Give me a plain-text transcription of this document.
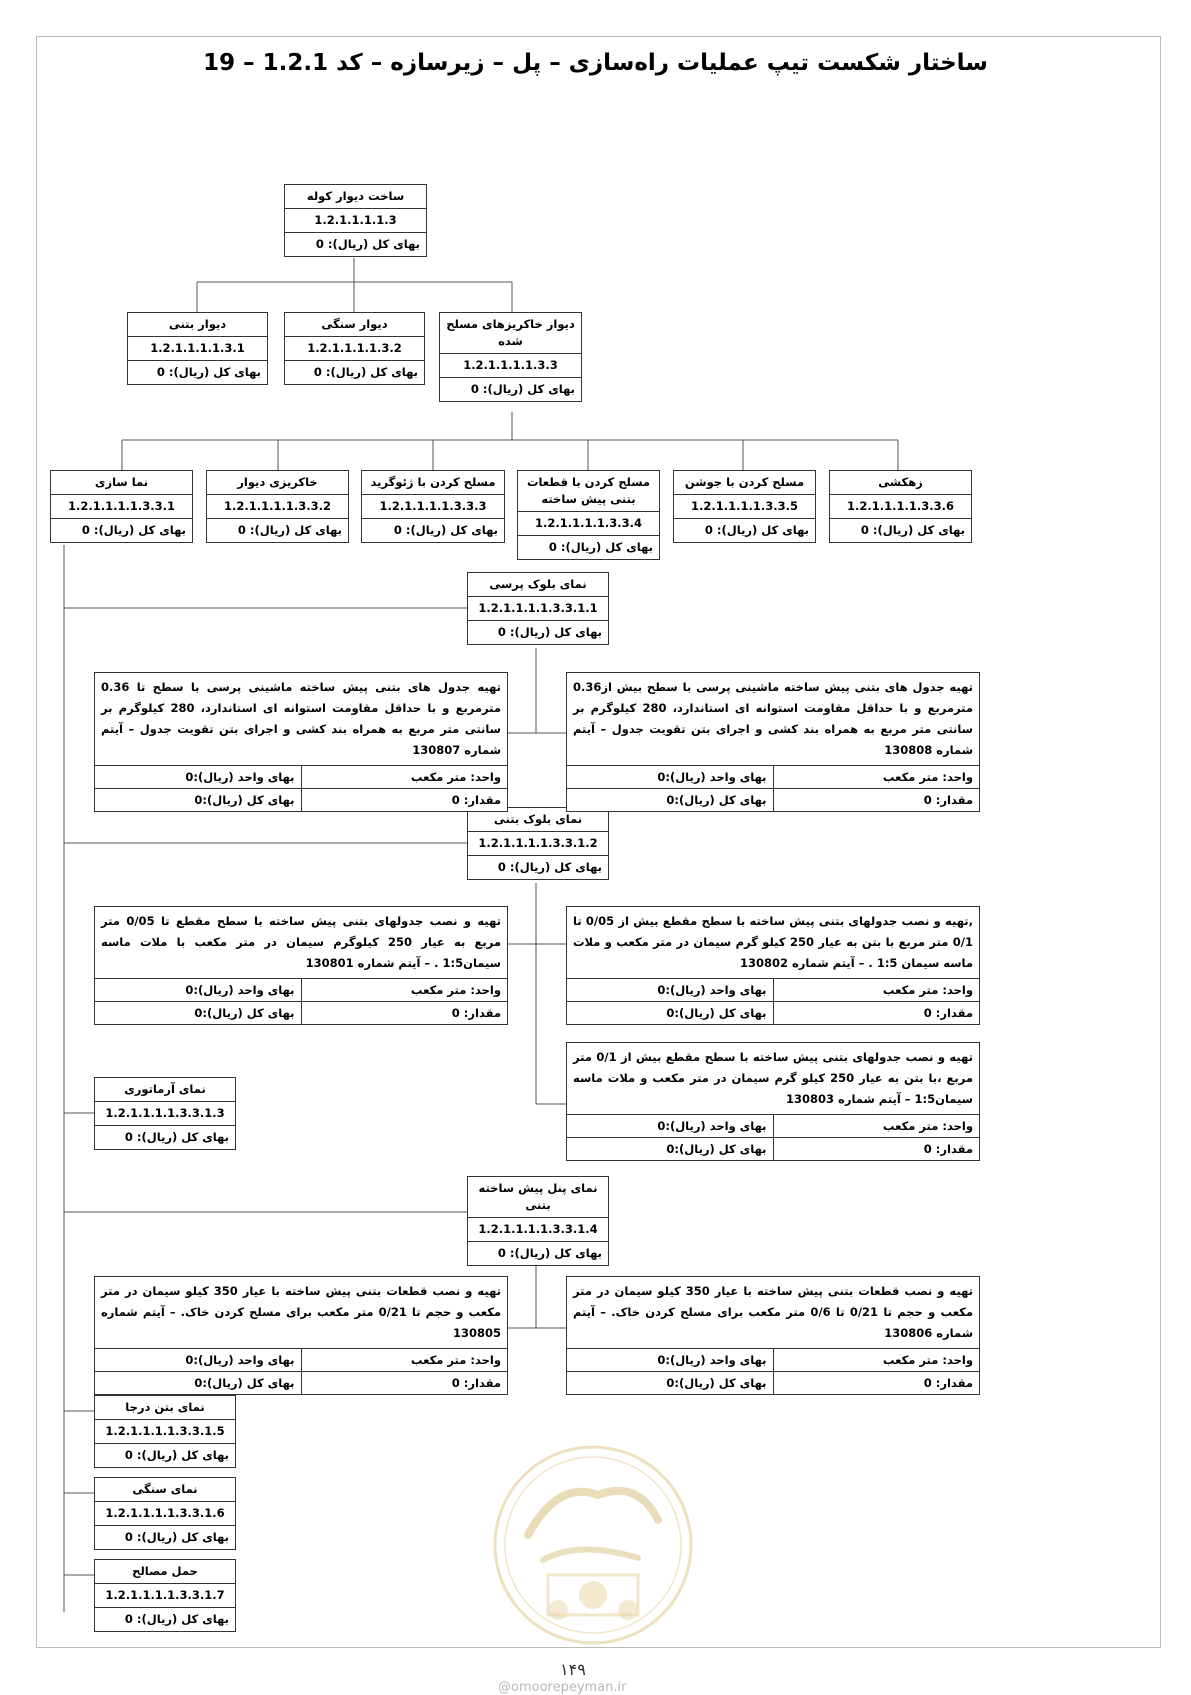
ساختار شکست تیپ عملیات راه‌سازی – پل – زیرسازه – کد 1.2.1 – 19
ساخت دیوار کوله
1.2.1.1.1.1.3
بهای کل (ریال): 0
دیوار بتنی
1.2.1.1.1.1.3.1
بهای کل (ریال): 0
دیوار سنگی
1.2.1.1.1.1.3.2
بهای کل (ریال): 0
دیوار خاکریزهای مسلح شده
1.2.1.1.1.1.3.3
بهای کل (ریال): 0
نما سازی
1.2.1.1.1.1.3.3.1
بهای کل (ریال): 0
خاکریزی دیوار
1.2.1.1.1.1.3.3.2
بهای کل (ریال): 0
مسلح کردن با ژئوگرید
1.2.1.1.1.1.3.3.3
بهای کل (ریال): 0
مسلح کردن با قطعات بتنی پیش ساخته
1.2.1.1.1.1.3.3.4
بهای کل (ریال): 0
مسلح کردن با جوشن
1.2.1.1.1.1.3.3.5
بهای کل (ریال): 0
زهکشی
1.2.1.1.1.1.3.3.6
بهای کل (ریال): 0
نمای بلوک پرسی
1.2.1.1.1.1.3.3.1.1
بهای کل (ریال): 0
نمای بلوک بتنی
1.2.1.1.1.1.3.3.1.2
بهای کل (ریال): 0
نمای آرماتوری
1.2.1.1.1.1.3.3.1.3
بهای کل (ریال): 0
نمای پنل پیش ساخته بتنی
1.2.1.1.1.1.3.3.1.4
بهای کل (ریال): 0
نمای بتن درجا
1.2.1.1.1.1.3.3.1.5
بهای کل (ریال): 0
نمای سنگی
1.2.1.1.1.1.3.3.1.6
بهای کل (ریال): 0
حمل مصالح
1.2.1.1.1.1.3.3.1.7
بهای کل (ریال): 0
تهیه جدول های بتنی پیش ساخته ماشینی پرسی با سطح بیش از0.36 مترمربع و با حداقل مقاومت استوانه ای استاندارد، 280 کیلوگرم بر سانتی متر مربع به همراه بند کشی و اجرای بتن تقویت جدول – آیتم شماره 130808
واحد: متر مکعب
بهای واحد (ریال):0
مقدار: 0
بهای کل (ریال):0
تهیه جدول های بتنی پیش ساخته ماشینی پرسی با سطح تا 0.36 مترمربع و با حداقل مقاومت استوانه ای استاندارد، 280 کیلوگرم بر سانتی متر مربع به همراه بند کشی و اجرای بتن تقویت جدول – آیتم شماره 130807
واحد: متر مکعب
بهای واحد (ریال):0
مقدار: 0
بهای کل (ریال):0
,تهیه و نصب جدولهای بتنی پیش ساخته با سطح مقطع بیش از 0/05 تا 0/1 متر مربع با بتن به عیار 250 کیلو گرم سیمان در متر مکعب و ملات ماسه سیمان 1:5 . – آیتم شماره 130802
واحد: متر مکعب
بهای واحد (ریال):0
مقدار: 0
بهای کل (ریال):0
تهیه و نصب جدولهای بتنی پیش ساخته با سطح مقطع تا 0/05 متر مربع به عیار 250 کیلوگرم سیمان در متر مکعب با ملات ماسه سیمان1:5 . – آیتم شماره 130801
واحد: متر مکعب
بهای واحد (ریال):0
مقدار: 0
بهای کل (ریال):0
تهیه و نصب جدولهای بتنی پیش ساخته با سطح مقطع بیش از 0/1 متر مربع ،با بتن به عیار 250 کیلو گرم سیمان در متر مکعب و ملات ماسه سیمان1:5 – آیتم شماره 130803
واحد: متر مکعب
بهای واحد (ریال):0
مقدار: 0
بهای کل (ریال):0
تهیه و نصب قطعات بتنی پیش ساخته با عیار 350 کیلو سیمان در متر مکعب و حجم تا 0/21 تا 0/6 متر مکعب برای مسلح کردن خاک. – آیتم شماره 130806
واحد: متر مکعب
بهای واحد (ریال):0
مقدار: 0
بهای کل (ریال):0
تهیه و نصب قطعات بتنی پیش ساخته با عیار 350 کیلو سیمان در متر مکعب و حجم تا 0/21 متر مکعب برای مسلح کردن خاک. – آیتم شماره 130805
واحد: متر مکعب
بهای واحد (ریال):0
مقدار: 0
بهای کل (ریال):0
۱۴۹
@omoorepeyman.ir
